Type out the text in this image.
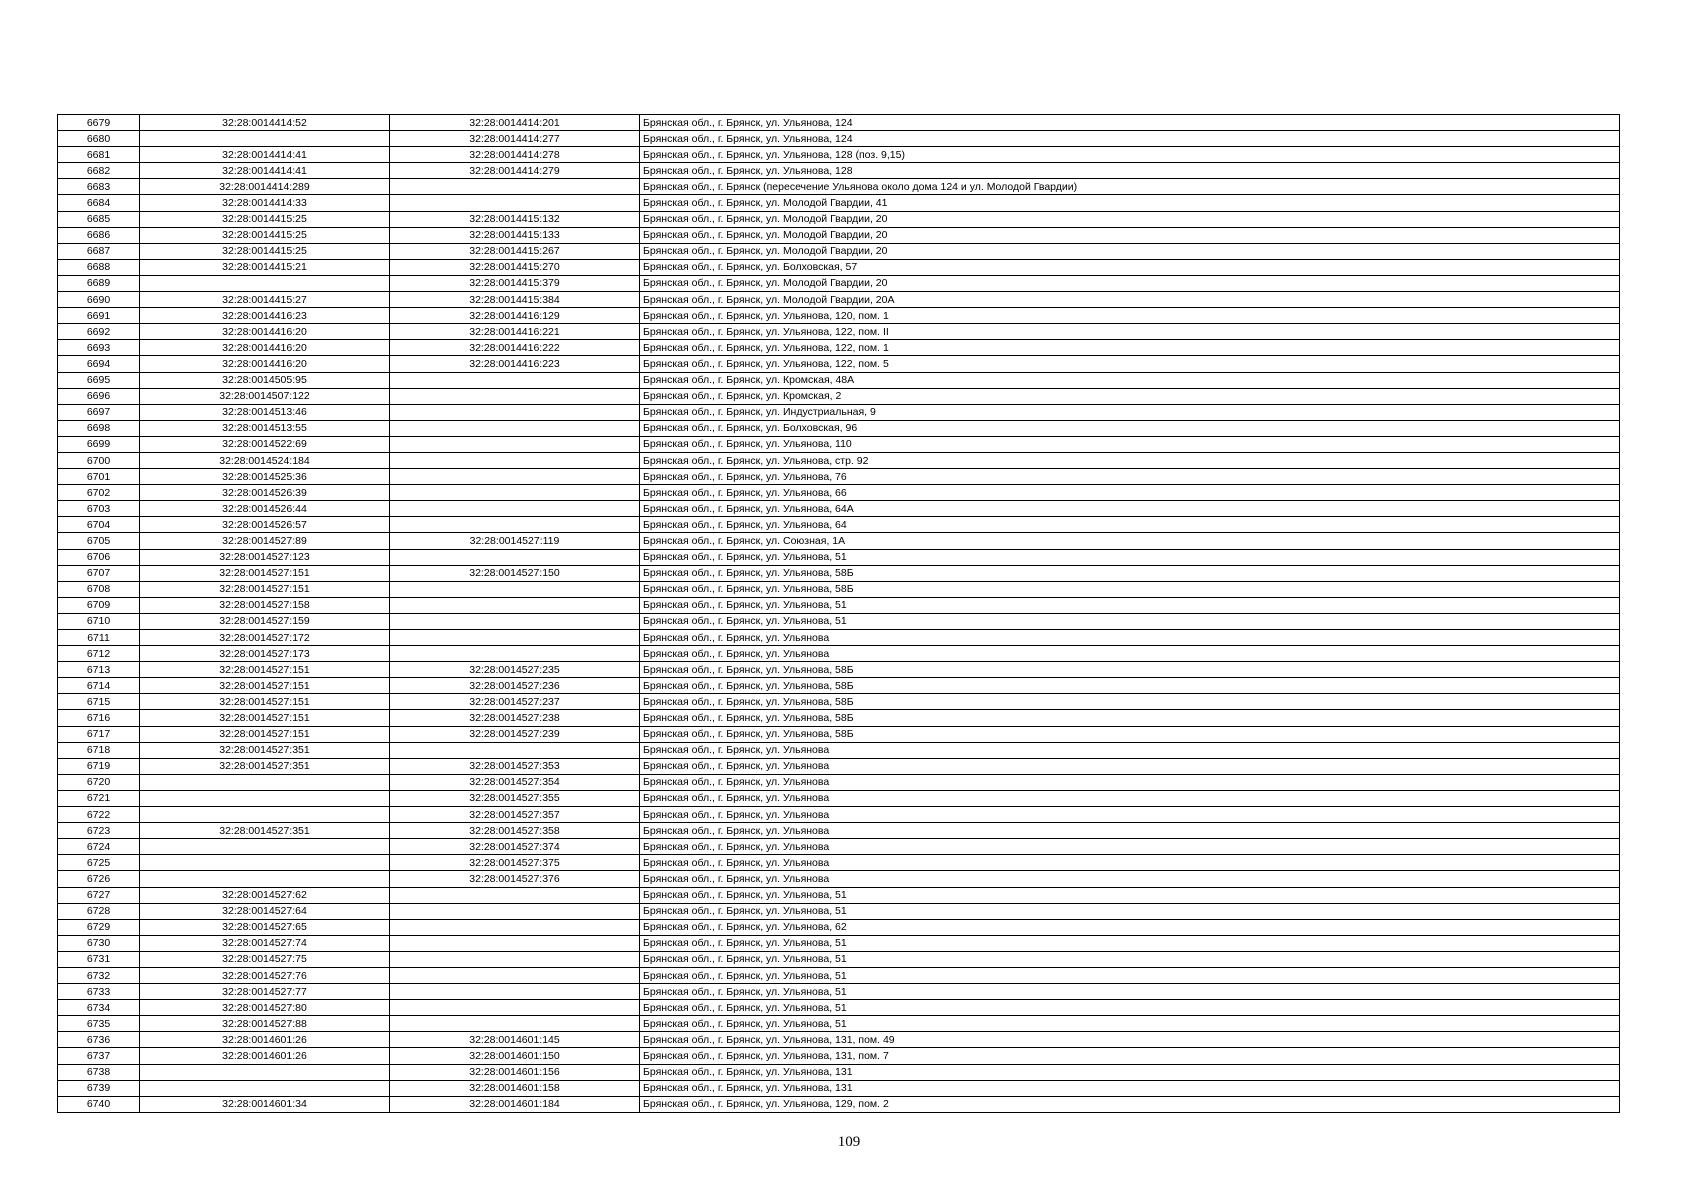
6679	32:28:0014414:52	32:28:0014414:201	Брянская обл., г. Брянск, ул. Ульянова, 124
6680		32:28:0014414:277	Брянская обл., г. Брянск, ул. Ульянова, 124
6681	32:28:0014414:41	32:28:0014414:278	Брянская обл., г. Брянск, ул. Ульянова, 128 (поз. 9,15)
6682	32:28:0014414:41	32:28:0014414:279	Брянская обл., г. Брянск, ул. Ульянова, 128
6683	32:28:0014414:289		Брянская обл., г. Брянск (пересечение Ульянова около дома 124 и ул. Молодой Гвардии)
6684	32:28:0014414:33		Брянская обл., г. Брянск, ул. Молодой Гвардии, 41
6685	32:28:0014415:25	32:28:0014415:132	Брянская обл., г. Брянск, ул. Молодой Гвардии, 20
6686	32:28:0014415:25	32:28:0014415:133	Брянская обл., г. Брянск, ул. Молодой Гвардии, 20
6687	32:28:0014415:25	32:28:0014415:267	Брянская обл., г. Брянск, ул. Молодой Гвардии, 20
6688	32:28:0014415:21	32:28:0014415:270	Брянская обл., г. Брянск, ул. Болховская, 57
6689		32:28:0014415:379	Брянская обл., г. Брянск, ул. Молодой Гвардии, 20
6690	32:28:0014415:27	32:28:0014415:384	Брянская обл., г. Брянск, ул. Молодой Гвардии, 20А
6691	32:28:0014416:23	32:28:0014416:129	Брянская обл., г. Брянск, ул. Ульянова, 120, пом. 1
6692	32:28:0014416:20	32:28:0014416:221	Брянская обл., г. Брянск, ул. Ульянова, 122, пом. II
6693	32:28:0014416:20	32:28:0014416:222	Брянская обл., г. Брянск, ул. Ульянова, 122, пом. 1
6694	32:28:0014416:20	32:28:0014416:223	Брянская обл., г. Брянск, ул. Ульянова, 122, пом. 5
6695	32:28:0014505:95		Брянская обл., г. Брянск, ул. Кромская, 48А
6696	32:28:0014507:122		Брянская обл., г. Брянск, ул. Кромская, 2
6697	32:28:0014513:46		Брянская обл., г. Брянск, ул. Индустриальная, 9
6698	32:28:0014513:55		Брянская обл., г. Брянск, ул. Болховская, 96
6699	32:28:0014522:69		Брянская обл., г. Брянск, ул. Ульянова, 110
6700	32:28:0014524:184		Брянская обл., г. Брянск, ул. Ульянова, стр. 92
6701	32:28:0014525:36		Брянская обл., г. Брянск, ул. Ульянова, 76
6702	32:28:0014526:39		Брянская обл., г. Брянск, ул. Ульянова, 66
6703	32:28:0014526:44		Брянская обл., г. Брянск, ул. Ульянова, 64А
6704	32:28:0014526:57		Брянская обл., г. Брянск, ул. Ульянова, 64
6705	32:28:0014527:89	32:28:0014527:119	Брянская обл., г. Брянск, ул. Союзная, 1А
6706	32:28:0014527:123		Брянская обл., г. Брянск, ул. Ульянова, 51
6707	32:28:0014527:151	32:28:0014527:150	Брянская обл., г. Брянск, ул. Ульянова, 58Б
6708	32:28:0014527:151		Брянская обл., г. Брянск, ул. Ульянова, 58Б
6709	32:28:0014527:158		Брянская обл., г. Брянск, ул. Ульянова, 51
6710	32:28:0014527:159		Брянская обл., г. Брянск, ул. Ульянова, 51
6711	32:28:0014527:172		Брянская обл., г. Брянск, ул. Ульянова
6712	32:28:0014527:173		Брянская обл., г. Брянск, ул. Ульянова
6713	32:28:0014527:151	32:28:0014527:235	Брянская обл., г. Брянск, ул. Ульянова, 58Б
6714	32:28:0014527:151	32:28:0014527:236	Брянская обл., г. Брянск, ул. Ульянова, 58Б
6715	32:28:0014527:151	32:28:0014527:237	Брянская обл., г. Брянск, ул. Ульянова, 58Б
6716	32:28:0014527:151	32:28:0014527:238	Брянская обл., г. Брянск, ул. Ульянова, 58Б
6717	32:28:0014527:151	32:28:0014527:239	Брянская обл., г. Брянск, ул. Ульянова, 58Б
6718	32:28:0014527:351		Брянская обл., г. Брянск, ул. Ульянова
6719	32:28:0014527:351	32:28:0014527:353	Брянская обл., г. Брянск, ул. Ульянова
6720		32:28:0014527:354	Брянская обл., г. Брянск, ул. Ульянова
6721		32:28:0014527:355	Брянская обл., г. Брянск, ул. Ульянова
6722		32:28:0014527:357	Брянская обл., г. Брянск, ул. Ульянова
6723	32:28:0014527:351	32:28:0014527:358	Брянская обл., г. Брянск, ул. Ульянова
6724		32:28:0014527:374	Брянская обл., г. Брянск, ул. Ульянова
6725		32:28:0014527:375	Брянская обл., г. Брянск, ул. Ульянова
6726		32:28:0014527:376	Брянская обл., г. Брянск, ул. Ульянова
6727	32:28:0014527:62		Брянская обл., г. Брянск, ул. Ульянова, 51
6728	32:28:0014527:64		Брянская обл., г. Брянск, ул. Ульянова, 51
6729	32:28:0014527:65		Брянская обл., г. Брянск, ул. Ульянова, 62
6730	32:28:0014527:74		Брянская обл., г. Брянск, ул. Ульянова, 51
6731	32:28:0014527:75		Брянская обл., г. Брянск, ул. Ульянова, 51
6732	32:28:0014527:76		Брянская обл., г. Брянск, ул. Ульянова, 51
6733	32:28:0014527:77		Брянская обл., г. Брянск, ул. Ульянова, 51
6734	32:28:0014527:80		Брянская обл., г. Брянск, ул. Ульянова, 51
6735	32:28:0014527:88		Брянская обл., г. Брянск, ул. Ульянова, 51
6736	32:28:0014601:26	32:28:0014601:145	Брянская обл., г. Брянск, ул. Ульянова, 131, пом. 49
6737	32:28:0014601:26	32:28:0014601:150	Брянская обл., г. Брянск, ул. Ульянова, 131, пом. 7
6738		32:28:0014601:156	Брянская обл., г. Брянск, ул. Ульянова, 131
6739		32:28:0014601:158	Брянская обл., г. Брянск, ул. Ульянова, 131
6740	32:28:0014601:34	32:28:0014601:184	Брянская обл., г. Брянск, ул. Ульянова, 129, пом. 2
109
